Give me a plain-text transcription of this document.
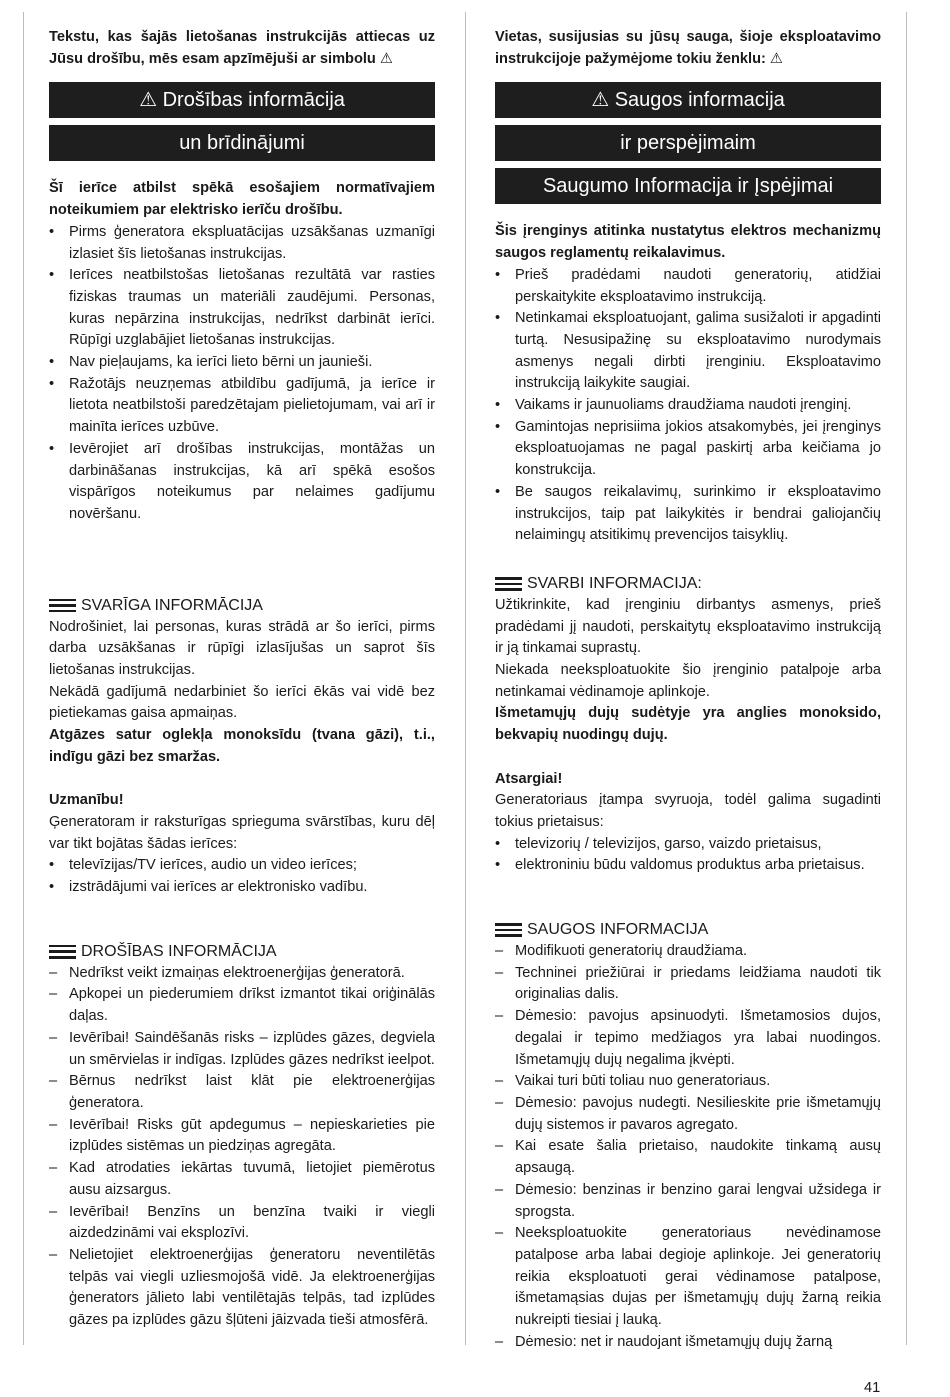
Tekstu, kas šajās lietošanas instrukcijās attiecas uz Jūsu drošību, mēs esam apzīmējuši ar simbolu ⚠

⚠ Drošības informācija
un brīdinājumi

Šī ierīce atbilst spēkā esošajiem normatīvajiem noteikumiem par elektrisko ierīču drošību.

•	Pirms ģeneratora ekspluatācijas uzsākšanas uzmanīgi izlasiet šīs lietošanas instrukcijas.
•	Ierīces neatbilstošas lietošanas rezultātā var rasties fiziskas traumas un materiāli zaudējumi. Personas, kuras nepārzina instrukcijas, nedrīkst darbināt ierīci. Rūpīgi uzglabājiet lietošanas instrukcijas.
•	Nav pieļaujams, ka ierīci lieto bērni un jaunieši.
•	Ražotājs neuzņemas atbildību gadījumā, ja ierīce ir lietota neatbilstoši paredzētajam pielietojumam, vai arī ir mainīta ierīces uzbūve.
•	Ievērojiet arī drošības instrukcijas, montāžas un darbināšanas instrukcijas, kā arī spēkā esošos vispārīgos noteikumus par nelaimes gadījumu novēršanu.
SVARĪGA INFORMĀCIJA

Nodrošiniet, lai personas, kuras strādā ar šo ierīci, pirms darba uzsākšanas ir rūpīgi izlasījušas un saprot šīs lietošanas instrukcijas.

Nekādā gadījumā nedarbiniet šo ierīci ēkās vai vidē bez pietiekamas gaisa apmaiņas.

Atgāzes satur oglekļa monoksīdu (tvana gāzi), t.i., indīgu gāzi bez smaržas.

Uzmanību!

Ģeneratoram ir raksturīgas sprieguma svārstības, kuru dēļ var tikt bojātas šādas ierīces:

•	televīzijas/TV ierīces, audio un video ierīces;
•	izstrādājumi vai ierīces ar elektronisko vadību.
DROŠĪBAS INFORMĀCIJA
– Nedrīkst veikt izmaiņas elektroenerģijas ģeneratorā.
– Apkopei un piederumiem drīkst izmantot tikai oriģinālās daļas.
– Ievērībai! Saindēšanās risks – izplūdes gāzes, degviela un smērvielas ir indīgas. Izplūdes gāzes nedrīkst ieelpot.
– Bērnus nedrīkst laist klāt pie elektroenerģijas ģeneratora.
– Ievērībai! Risks gūt apdegumus – nepieskarieties pie izplūdes sistēmas un piedziņas agregāta.
– Kad atrodaties iekārtas tuvumā, lietojiet piemērotus ausu aizsargus.
– Ievērībai! Benzīns un benzīna tvaiki ir viegli aizdedzināmi vai eksplozīvi.
– Nelietojiet elektroenerģijas ģeneratoru neventilētās telpās vai viegli uzliesmojošā vidē. Ja elektroenerģijas ģenerators jālieto labi ventilētajās telpās, tad izplūdes gāzes pa izplūdes gāzu šļūteni jāizvada tieši atmosfērā.

Vietas, susijusias su jūsų sauga, šioje eksploatavimo instrukcijoje pažymėjome tokiu ženklu: ⚠

⚠ Saugos informacija
ir perspėjimaim
Saugumo Informacija ir Įspėjimai

Šis įrenginys atitinka nustatytus elektros mechanizmų saugos reglamentų reikalavimus.

•	Prieš pradėdami naudoti generatorių, atidžiai perskaitykite eksploatavimo instrukciją.
•	Netinkamai eksploatuojant, galima susižaloti ir apgadinti turtą. Nesusipažinę su eksploatavimo nurodymais asmenys negali dirbti įrenginiu. Eksploatavimo instrukciją laikykite saugiai.
•	Vaikams ir jaunuoliams draudžiama naudoti įrenginį.
•	Gamintojas neprisiima jokios atsakomybės, jei įrenginys eksploatuojamas ne pagal paskirtį arba keičiama jo konstrukcija.
•	Be saugos reikalavimų, surinkimo ir eksploatavimo instrukcijos, taip pat laikykitės ir bendrai galiojančių nelaimingų atsitikimų prevencijos taisyklių.
SVARBI INFORMACIJA:

Užtikrinkite, kad įrenginiu dirbantys asmenys, prieš pradėdami jį naudoti, perskaitytų eksploatavimo instrukciją ir ją tinkamai suprastų.

Niekada neeksploatuokite šio įrenginio patalpoje arba netinkamai vėdinamoje aplinkoje.

Išmetamųjų dujų sudėtyje yra anglies monoksido, bekvapių nuodingų dujų.

Atsargiai!

Generatoriaus įtampa svyruoja, todėl galima sugadinti tokius prietaisus:

•	televizorių / televizijos, garso, vaizdo prietaisus,
•	elektroniniu būdu valdomus produktus arba prietaisus.
SAUGOS INFORMACIJA
– Modifikuoti generatorių draudžiama.
– Techninei priežiūrai ir priedams leidžiama naudoti tik originalias dalis.
– Dėmesio: pavojus apsinuodyti. Išmetamosios dujos, degalai ir tepimo medžiagos yra labai nuodingos. Išmetamųjų dujų negalima įkvėpti.
– Vaikai turi būti toliau nuo generatoriaus.
– Dėmesio: pavojus nudegti. Nesilieskite prie išmetamųjų dujų sistemos ir pavaros agregato.
– Kai esate šalia prietaiso, naudokite tinkamą ausų apsaugą.
– Dėmesio: benzinas ir benzino garai lengvai užsidega ir sprogsta.
– Neeksploatuokite generatoriaus nevėdinamose patalpose arba labai degioje aplinkoje. Jei generatorių reikia eksploatuoti gerai vėdinamose patalpose, išmetamąsias dujas per išmetamųjų dujų žarną reikia nukreipti tiesiai į lauką.
– Dėmesio: net ir naudojant išmetamųjų dujų žarną
41
